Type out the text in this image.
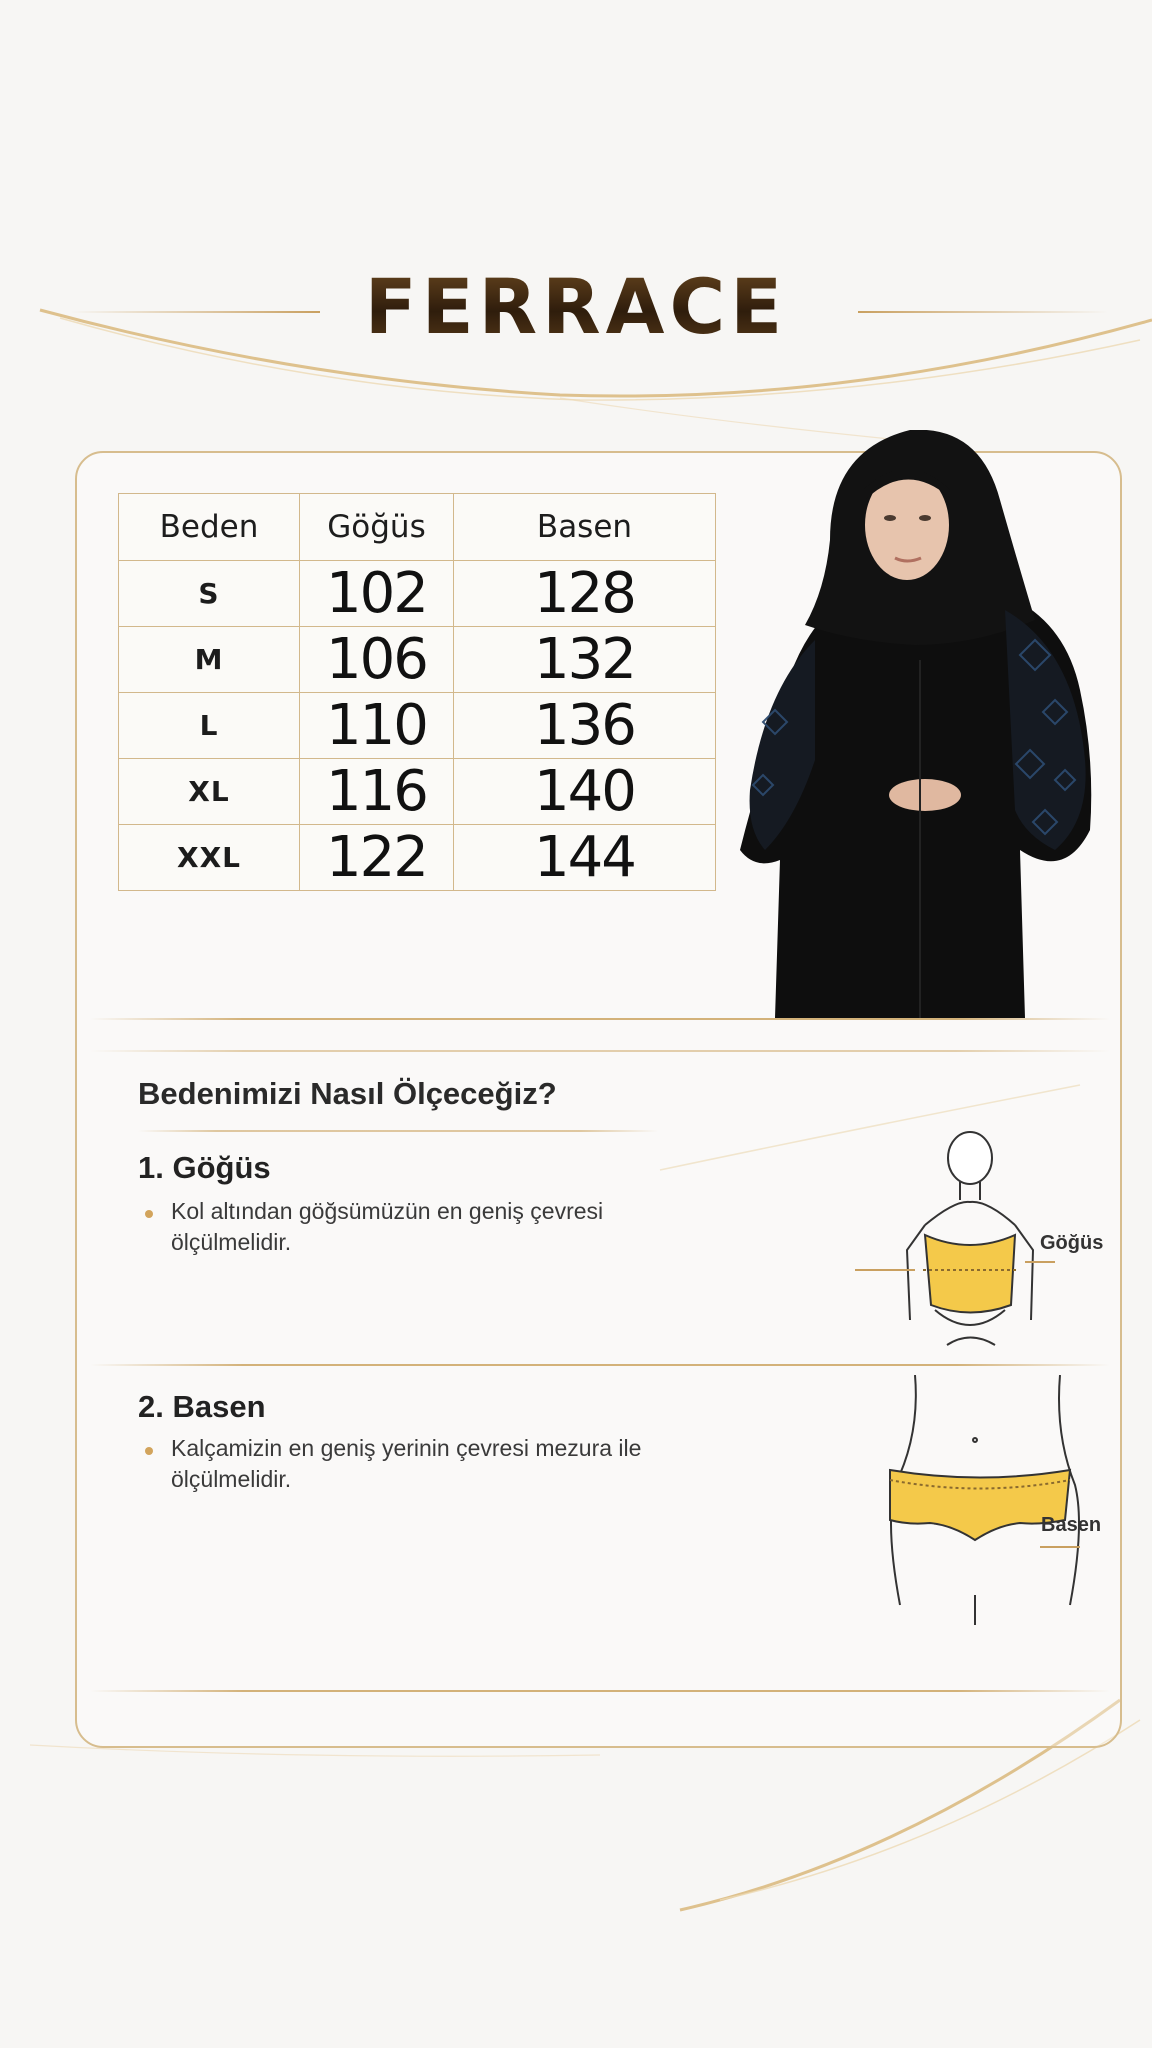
FERRACE
Beden	Göğüs	Basen
S	102	128
M	106	132
L	110	136
XL	116	140
XXL	122	144
Bedenimizi Nasıl Ölçeceğiz?
1. Göğüs
Kol altından göğsümüzün en geniş çevresi
ölçülmelidir.
2. Basen
Kalçamizin en geniş yerinin çevresi mezura ile
ölçülmelidir.
Göğüs
Basen
